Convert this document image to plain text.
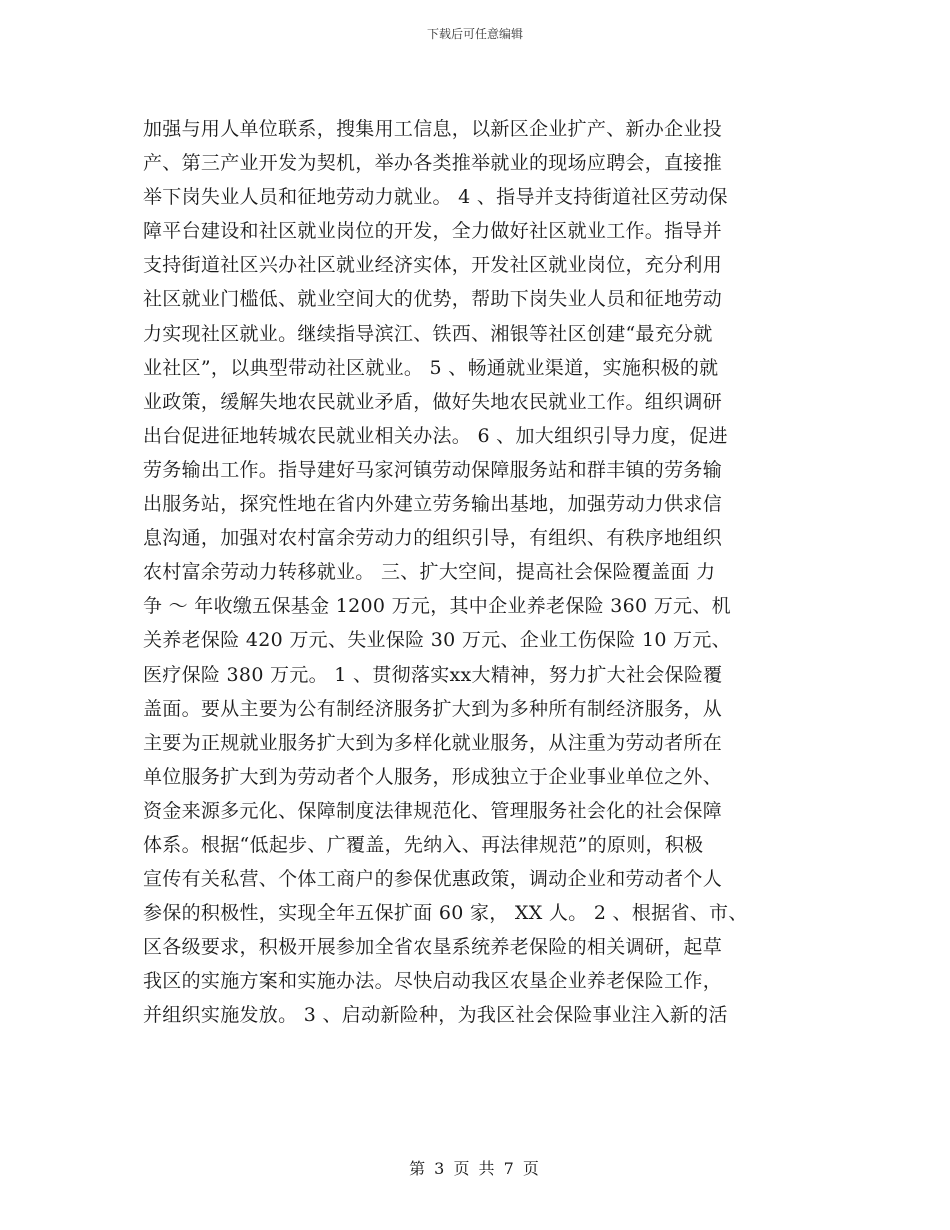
下载后可任意编辑
加强与用人单位联系，搜集用工信息，以新区企业扩产、新办企业投
产、第三产业开发为契机，举办各类推举就业的现场应聘会，直接推
举下岗失业人员和征地劳动力就业。 4 、指导并支持街道社区劳动保
障平台建设和社区就业岗位的开发，全力做好社区就业工作。指导并
支持街道社区兴办社区就业经济实体，开发社区就业岗位，充分利用
社区就业门槛低、就业空间大的优势，帮助下岗失业人员和征地劳动
力实现社区就业。继续指导滨江、铁西、湘银等社区创建“最充分就
业社区”，以典型带动社区就业。 5 、畅通就业渠道，实施积极的就
业政策，缓解失地农民就业矛盾，做好失地农民就业工作。组织调研
出台促进征地转城农民就业相关办法。 6 、加大组织引导力度，促进
劳务输出工作。指导建好马家河镇劳动保障服务站和群丰镇的劳务输
出服务站，探究性地在省内外建立劳务输出基地，加强劳动力供求信
息沟通，加强对农村富余劳动力的组织引导，有组织、有秩序地组织
农村富余劳动力转移就业。 三、扩大空间，提高社会保险覆盖面 力
争 ～ 年收缴五保基金 1200 万元，其中企业养老保险 360 万元、机
关养老保险 420 万元、失业保险 30 万元、企业工伤保险 10 万元、
医疗保险 380 万元。 1 、贯彻落实xx大精神，努力扩大社会保险覆
盖面。要从主要为公有制经济服务扩大到为多种所有制经济服务，从
主要为正规就业服务扩大到为多样化就业服务，从注重为劳动者所在
单位服务扩大到为劳动者个人服务，形成独立于企业事业单位之外、
资金来源多元化、保障制度法律规范化、管理服务社会化的社会保障
体系。根据“低起步、广覆盖，先纳入、再法律规范”的原则，积极
宣传有关私营、个体工商户的参保优惠政策，调动企业和劳动者个人
参保的积极性，实现全年五保扩面 60 家， XX 人。 2 、根据省、市、
区各级要求，积极开展参加全省农垦系统养老保险的相关调研，起草
我区的实施方案和实施办法。尽快启动我区农垦企业养老保险工作，
并组织实施发放。 3 、启动新险种，为我区社会保险事业注入新的活
第 3 页 共 7 页
